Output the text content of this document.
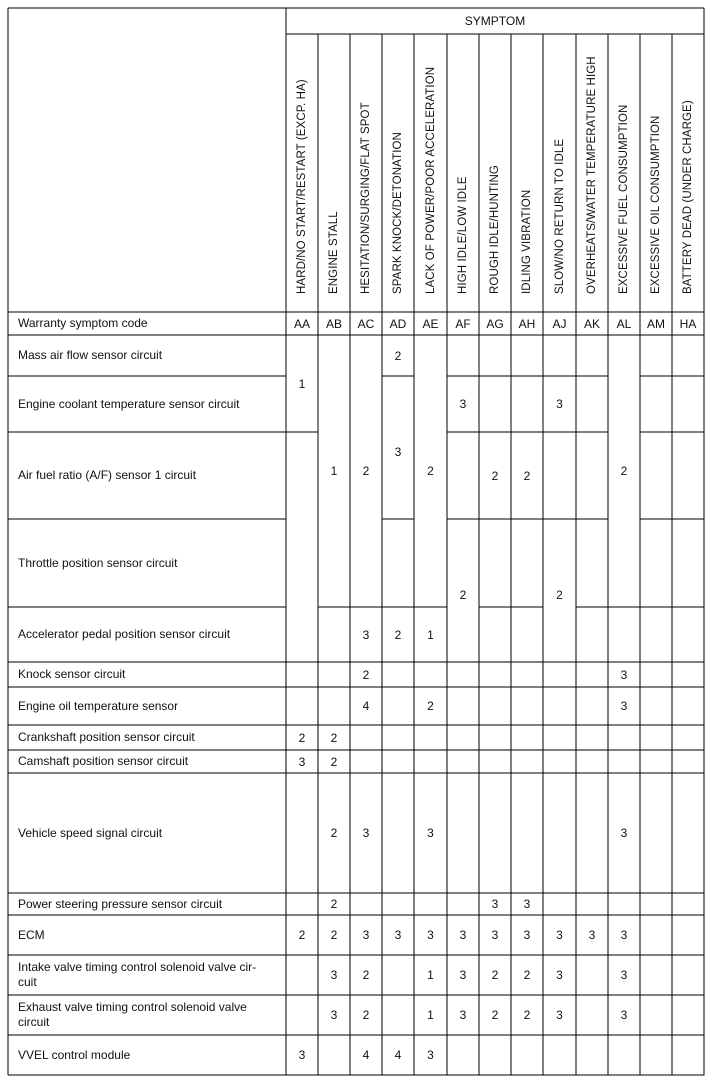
SYMPTOM
Warranty symptom code
HARD/NO START/RESTART (EXCP. HA)
AA
ENGINE STALL
AB
HESITATION/SURGING/FLAT SPOT
AC
SPARK KNOCK/DETONATION
AD
LACK OF POWER/POOR ACCELERATION
AE
HIGH IDLE/LOW IDLE
AF
ROUGH IDLE/HUNTING
AG
IDLING VIBRATION
AH
SLOW/NO RETURN TO IDLE
AJ
OVERHEATS/WATER TEMPERATURE HIGH
AK
EXCESSIVE FUEL CONSUMPTION
AL
EXCESSIVE OIL CONSUMPTION
AM
BATTERY DEAD (UNDER CHARGE)
HA
Mass air flow sensor circuit
Engine coolant temperature sensor circuit
Air fuel ratio (A/F) sensor 1 circuit
Throttle position sensor circuit
Accelerator pedal position sensor circuit
Knock sensor circuit
Engine oil temperature sensor
Crankshaft position sensor circuit
Camshaft position sensor circuit
Vehicle speed signal circuit
Power steering pressure sensor circuit
ECM
Intake valve timing control solenoid valve cir-
cuit
Exhaust valve timing control solenoid valve
circuit
VVEL control module
1
2
3
2
3
1
2
2
2
2
2
3
3
2
3
2
4
3
3
2
2
4
2
3
2
3
4
2
1
2
3
3
1
1
3
3
2
3
3
3
2
3
3
2
2
2
3
3
2
2
3
2
3
3
3
3
2
3
3
3
3
3
3
